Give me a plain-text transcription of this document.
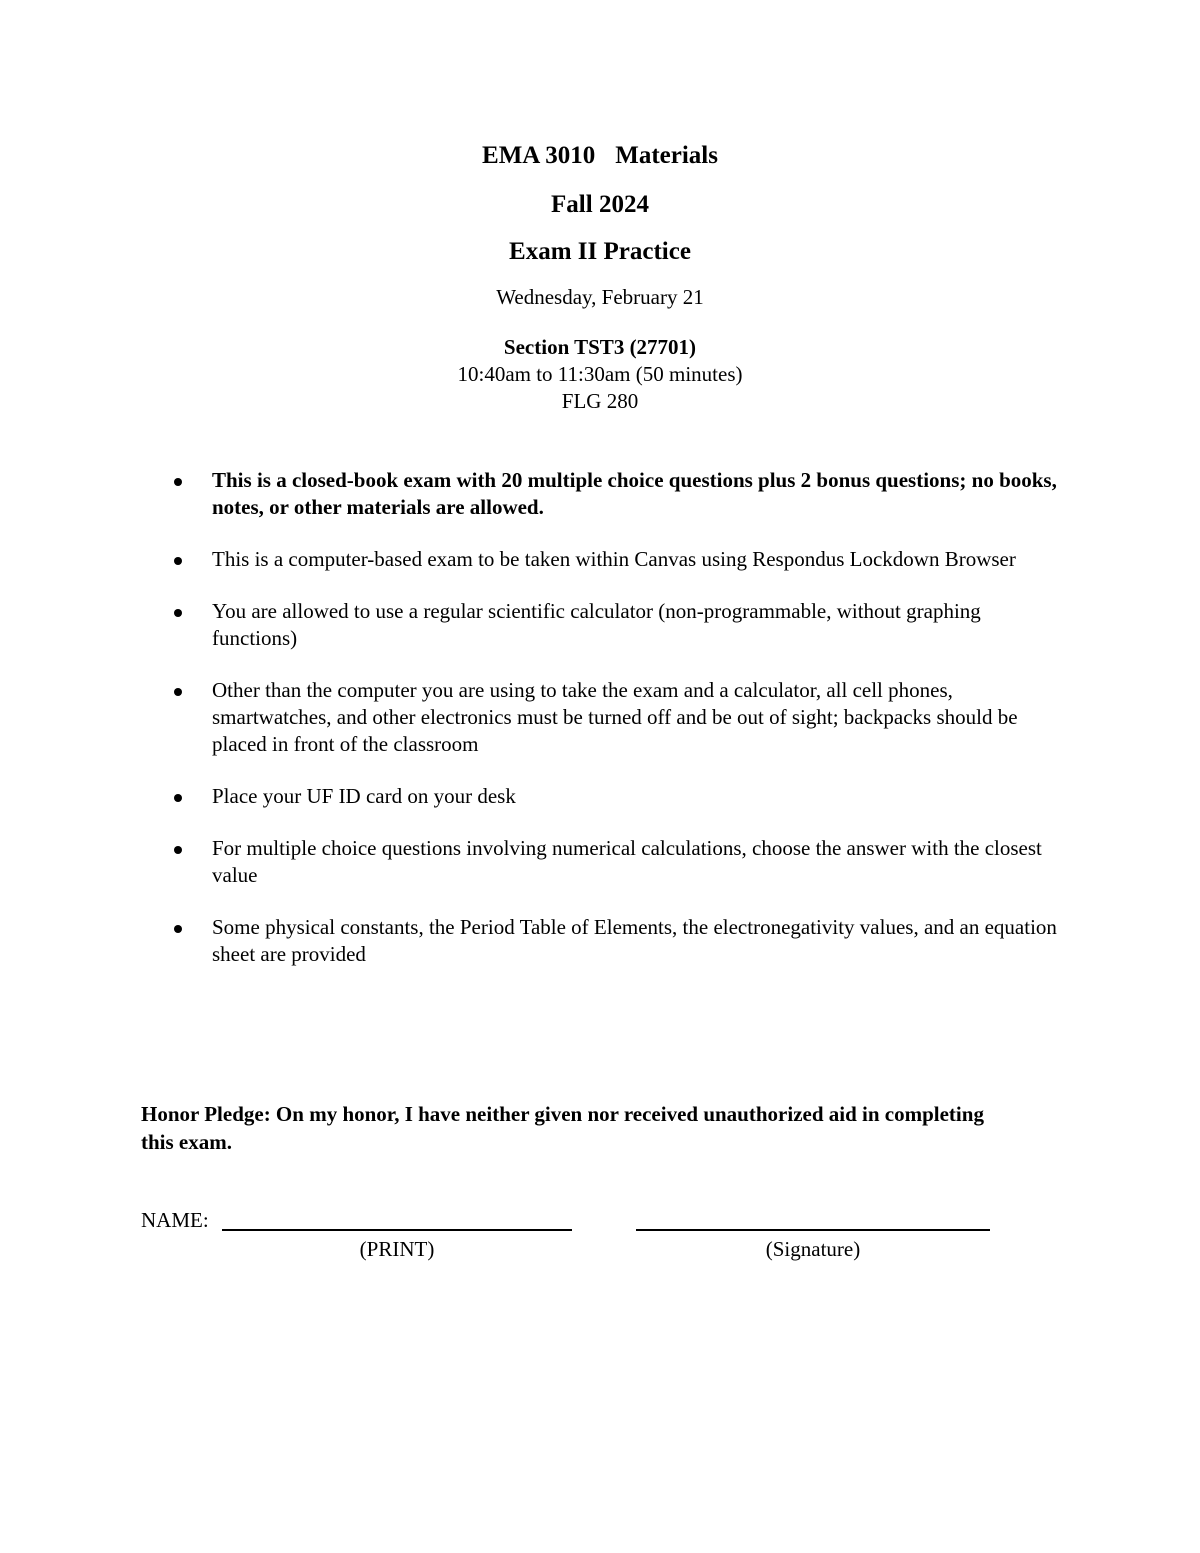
EMA 3010 Materials
Fall 2024
Exam II Practice
Wednesday, February 21
Section TST3 (27701)
10:40am to 11:30am (50 minutes)
FLG 280
This is a closed-book exam with 20 multiple choice questions plus 2 bonus questions; no books, notes, or other materials are allowed.
This is a computer-based exam to be taken within Canvas using Respondus Lockdown Browser
You are allowed to use a regular scientific calculator (non-programmable, without graphing functions)
Other than the computer you are using to take the exam and a calculator, all cell phones, smartwatches, and other electronics must be turned off and be out of sight; backpacks should be placed in front of the classroom
Place your UF ID card on your desk
For multiple choice questions involving numerical calculations, choose the answer with the closest value
Some physical constants, the Period Table of Elements, the electronegativity values, and an equation sheet are provided
Honor Pledge: On my honor, I have neither given nor received unauthorized aid in completing this exam.
NAME:
(PRINT)	(Signature)
